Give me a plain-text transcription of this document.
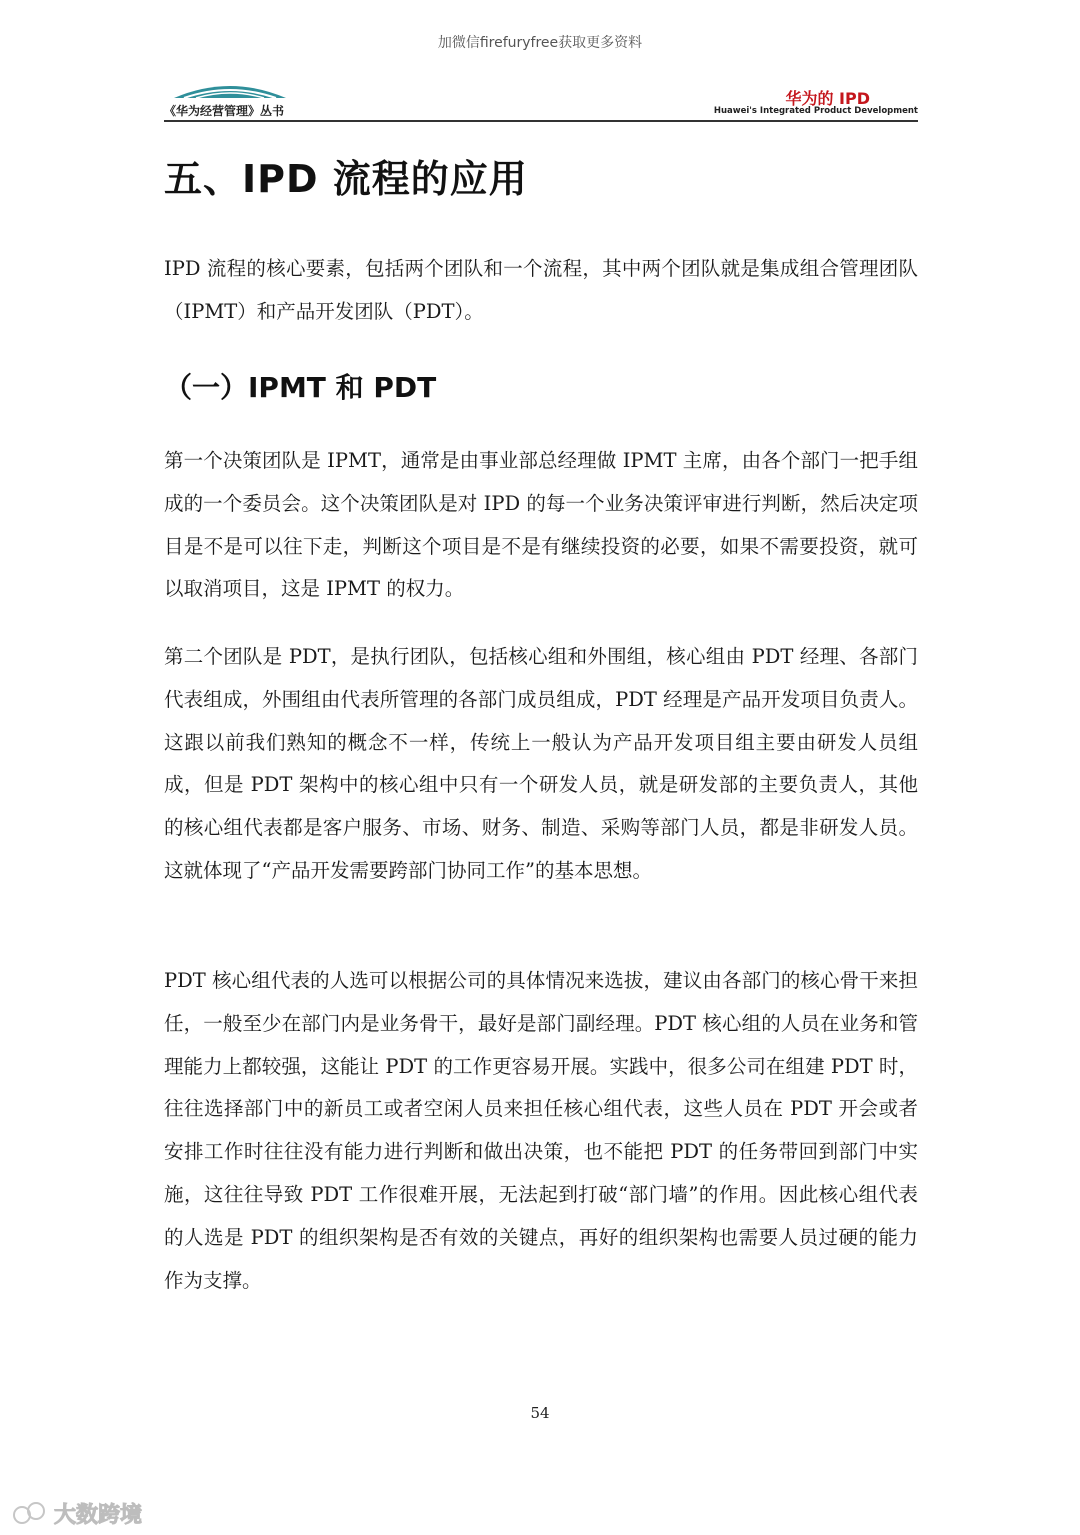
加微信firefuryfree获取更多资料
《华为经营管理》丛书
华为的 IPD
Huawei's Integrated Product Development
五、IPD 流程的应用

IPD 流程的核心要素，包括两个团队和一个流程，其中两个团队就是集成组合管理团队（IPMT）和产品开发团队（PDT）。

（一）IPMT 和 PDT

第一个决策团队是 IPMT，通常是由事业部总经理做 IPMT 主席，由各个部门一把手组成的一个委员会。这个决策团队是对 IPD 的每一个业务决策评审进行判断，然后决定项目是不是可以往下走，判断这个项目是不是有继续投资的必要，如果不需要投资，就可以取消项目，这是 IPMT 的权力。

第二个团队是 PDT，是执行团队，包括核心组和外围组，核心组由 PDT 经理、各部门代表组成，外围组由代表所管理的各部门成员组成，PDT 经理是产品开发项目负责人。这跟以前我们熟知的概念不一样，传统上一般认为产品开发项目组主要由研发人员组成，但是 PDT 架构中的核心组中只有一个研发人员，就是研发部的主要负责人，其他的核心组代表都是客户服务、市场、财务、制造、采购等部门人员，都是非研发人员。这就体现了“产品开发需要跨部门协同工作”的基本思想。

PDT 核心组代表的人选可以根据公司的具体情况来选拔，建议由各部门的核心骨干来担任，一般至少在部门内是业务骨干，最好是部门副经理。PDT 核心组的人员在业务和管理能力上都较强，这能让 PDT 的工作更容易开展。实践中，很多公司在组建 PDT 时，往往选择部门中的新员工或者空闲人员来担任核心组代表，这些人员在 PDT 开会或者安排工作时往往没有能力进行判断和做出决策，也不能把 PDT 的任务带回到部门中实施，这往往导致 PDT 工作很难开展，无法起到打破“部门墙”的作用。因此核心组代表的人选是 PDT 的组织架构是否有效的关键点，再好的组织架构也需要人员过硬的能力作为支撑。

54
大数跨境
